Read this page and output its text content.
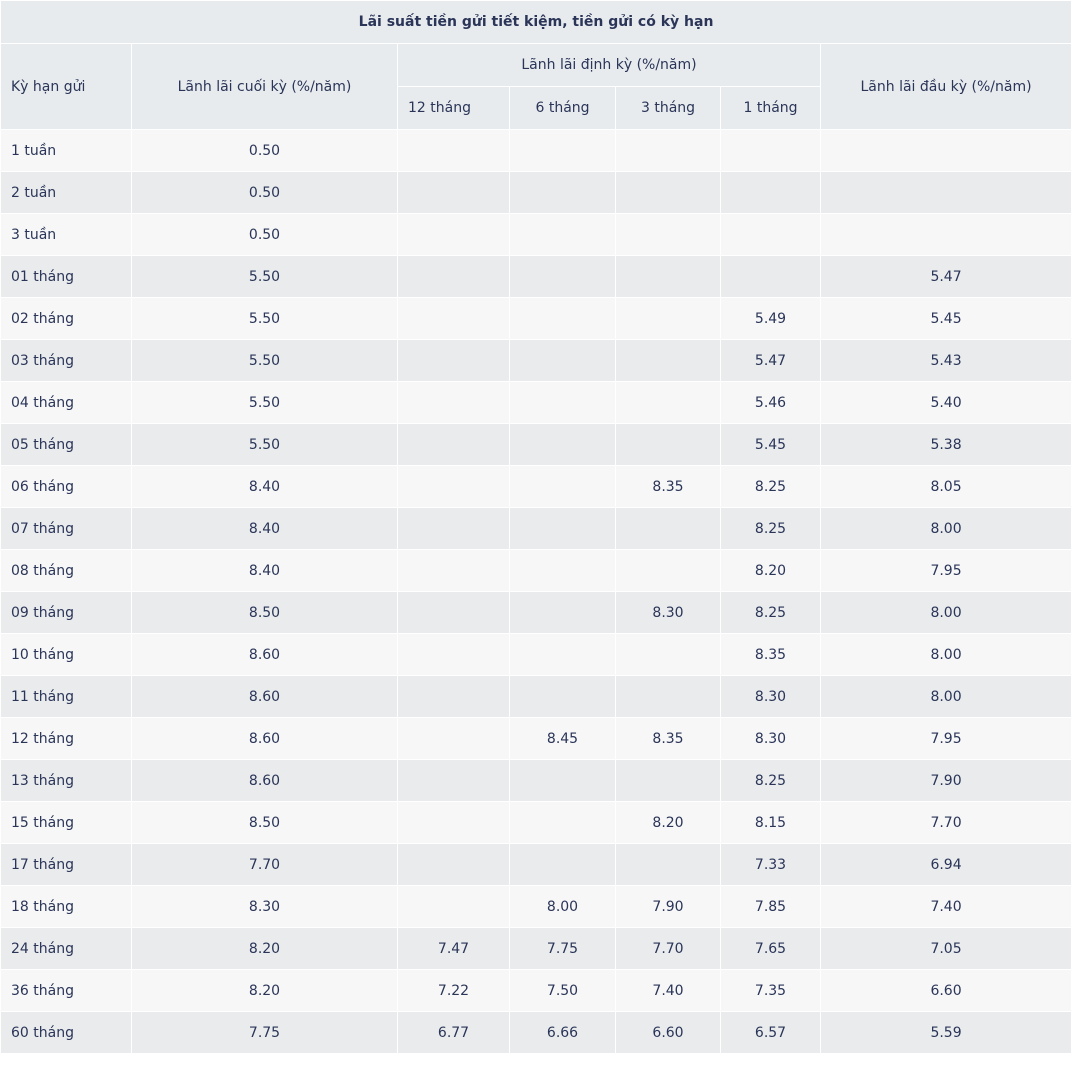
Lãi suất tiền gửi tiết kiệm, tiền gửi có kỳ hạn						
Kỳ hạn gửi	Lãnh lãi cuối kỳ (%/năm)	Lãnh lãi định kỳ (%/năm)				Lãnh lãi đầu kỳ (%/năm)
		12 tháng	6 tháng	3 tháng	1 tháng	
1 tuần	0.50					
2 tuần	0.50					
3 tuần	0.50					
01 tháng	5.50					5.47
02 tháng	5.50				5.49	5.45
03 tháng	5.50				5.47	5.43
04 tháng	5.50				5.46	5.40
05 tháng	5.50				5.45	5.38
06 tháng	8.40			8.35	8.25	8.05
07 tháng	8.40				8.25	8.00
08 tháng	8.40				8.20	7.95
09 tháng	8.50			8.30	8.25	8.00
10 tháng	8.60				8.35	8.00
11 tháng	8.60				8.30	8.00
12 tháng	8.60		8.45	8.35	8.30	7.95
13 tháng	8.60				8.25	7.90
15 tháng	8.50			8.20	8.15	7.70
17 tháng	7.70				7.33	6.94
18 tháng	8.30		8.00	7.90	7.85	7.40
24 tháng	8.20	7.47	7.75	7.70	7.65	7.05
36 tháng	8.20	7.22	7.50	7.40	7.35	6.60
60 tháng	7.75	6.77	6.66	6.60	6.57	5.59
